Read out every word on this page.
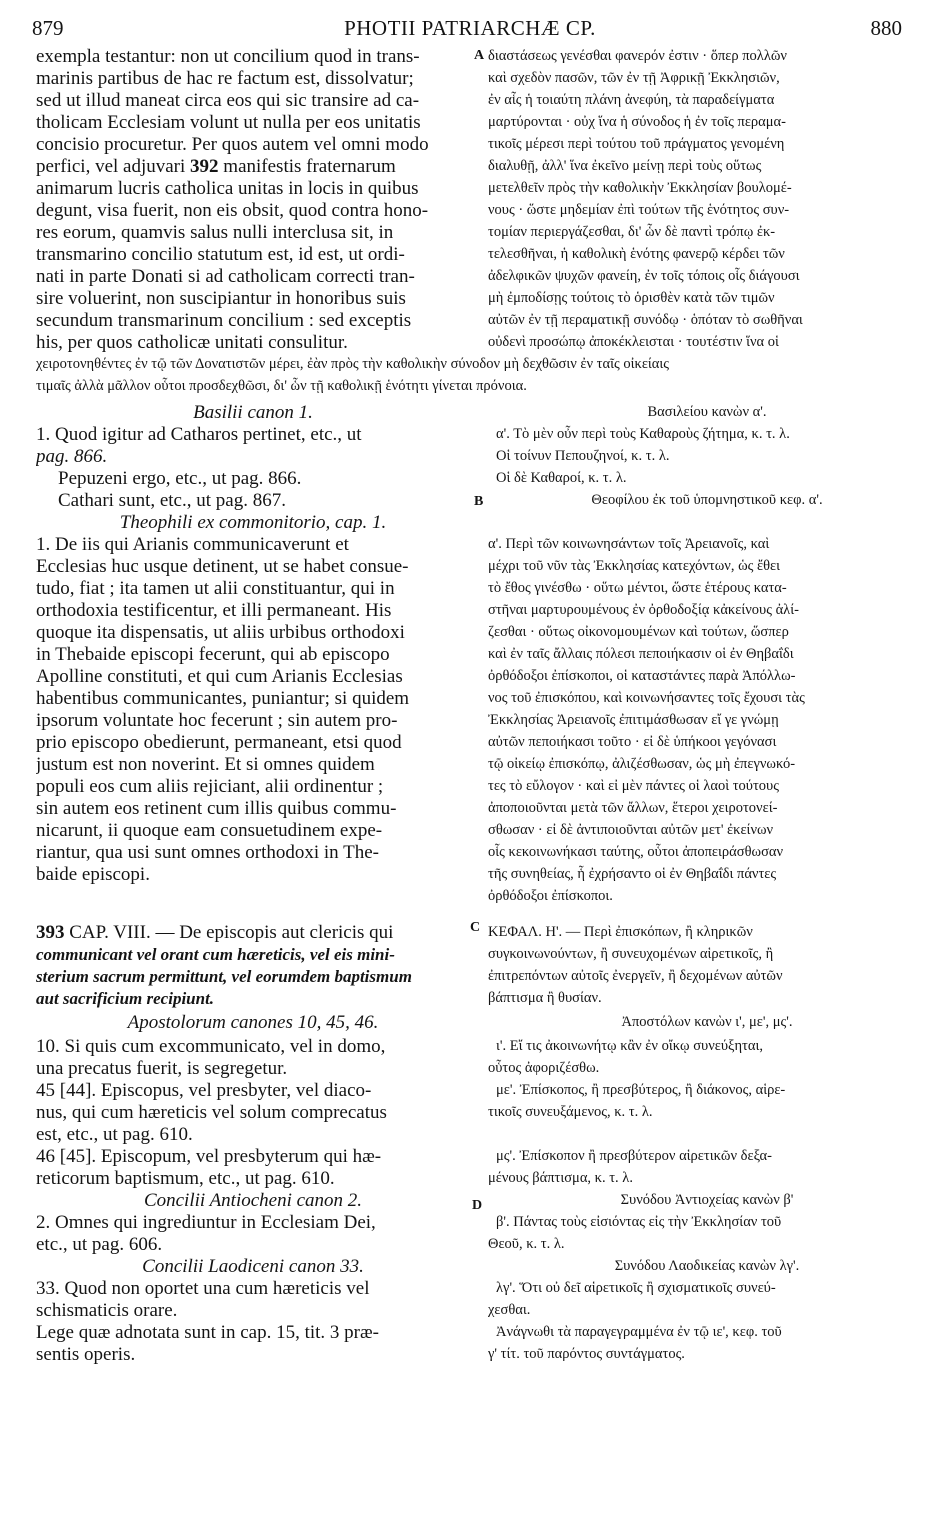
879	PHOTII PATRIARCHÆ CP.	880
exempla testantur: non ut concilium quod in trans-
marinis partibus de hac re factum est, dissolvatur;
sed ut illud maneat circa eos qui sic transire ad ca-
tholicam Ecclesiam volunt ut nulla per eos unitatis
concisio procuretur. Per quos autem vel omni modo
perfici, vel adjuvari 392 manifestis fraternarum
animarum lucris catholica unitas in locis in quibus
degunt, visa fuerit, non eis obsit, quod contra hono-
res eorum, quamvis salus nulli interclusa sit, in
transmarino concilio statutum est, id est, ut ordi-
nati in parte Donati si ad catholicam correcti tran-
sire voluerint, non suscipiantur in honoribus suis
secundum transmarinum concilium : sed exceptis
his, per quos catholicæ unitati consulitur.
A
B
C
D
διαστάσεως γενέσθαι φανερόν ἐστιν · ὅπερ πολλῶν
καὶ σχεδὸν πασῶν, τῶν ἐν τῇ Ἀφρικῇ Ἐκκλησιῶν,
ἐν αἷς ἡ τοιαύτη πλάνη ἀνεφύη, τὰ παραδείγματα
μαρτύρονται · οὐχ ἵνα ἡ σύνοδος ἡ ἐν τοῖς περαμα-
τικοῖς μέρεσι περὶ τούτου τοῦ πράγματος γενομένη
διαλυθῇ, ἀλλ' ἵνα ἐκεῖνο μείνῃ περὶ τοὺς οὕτως
μετελθεῖν πρὸς τὴν καθολικὴν Ἐκκλησίαν βουλομέ-
νους · ὥστε μηδεμίαν ἐπὶ τούτων τῆς ἑνότητος συν-
τομίαν περιεργάζεσθαι, δι' ὧν δὲ παντὶ τρόπῳ ἐκ-
τελεσθῆναι, ἡ καθολικὴ ἑνότης φανερῷ κέρδει τῶν
ἀδελφικῶν ψυχῶν φανείη, ἐν τοῖς τόποις οἷς διάγουσι
μὴ ἐμποδίσῃς τούτοις τὸ ὁρισθὲν κατὰ τῶν τιμῶν
αὐτῶν ἐν τῇ περαματικῇ συνόδῳ · ὁπόταν τὸ σωθῆναι
οὐδενὶ προσώπῳ ἀποκέκλεισται · τουτέστιν ἵνα οἱ
χειροτονηθέντες ἐν τῷ τῶν Δονατιστῶν μέρει, ἐὰν πρὸς τὴν καθολικὴν σύνοδον μὴ δεχθῶσιν ἐν ταῖς οἰκείαις
τιμαῖς ἀλλὰ μᾶλλον οὗτοι προσδεχθῶσι, δι' ὧν τῇ καθολικῇ ἑνότητι γίνεται πρόνοια.
Basilii canon 1.
1. Quod igitur ad Catharos pertinet, etc., ut
pag. 866.
Pepuzeni ergo, etc., ut pag. 866.
Cathari sunt, etc., ut pag. 867.
Theophili ex commonitorio, cap. 1.
1. De iis qui Arianis communicaverunt et
Ecclesias huc usque detinent, ut se habet consue-
tudo, fiat ; ita tamen ut alii constituantur, qui in
orthodoxia testificentur, et illi permaneant. His
quoque ita dispensatis, ut aliis urbibus orthodoxi
in Thebaide episcopi fecerunt, qui ab episcopo
Apolline constituti, et qui cum Arianis Ecclesias
habentibus communicantes, puniantur; si quidem
ipsorum voluntate hoc fecerunt ; sin autem pro-
prio episcopo obedierunt, permaneant, etsi quod
justum est non noverint. Et si omnes quidem
populi eos cum aliis rejiciant, alii ordinentur ;
sin autem eos retinent cum illis quibus commu-
nicarunt, ii quoque eam consuetudinem expe-
riantur, qua usi sunt omnes orthodoxi in The-
baide episcopi.
Βασιλείου κανὼν α'.
α'. Τὸ μὲν οὖν περὶ τοὺς Καθαροὺς ζήτημα, κ. τ. λ.
Οἱ τοίνυν Πεπουζηνοί, κ. τ. λ.
Οἱ δὲ Καθαροί, κ. τ. λ.
Θεοφίλου ἐκ τοῦ ὑπομνηστικοῦ κεφ. α'.
α'. Περὶ τῶν κοινωνησάντων τοῖς Ἀρειανοῖς, καὶ
μέχρι τοῦ νῦν τὰς Ἐκκλησίας κατεχόντων, ὡς ἔθει
τὸ ἔθος γινέσθω · οὕτω μέντοι, ὥστε ἑτέρους κατα-
στῆναι μαρτυρουμένους ἐν ὀρθοδοξίᾳ κἀκείνους ἀλί-
ζεσθαι · οὕτως οἰκονομουμένων καὶ τούτων, ὥσπερ
καὶ ἐν ταῖς ἄλλαις πόλεσι πεποιήκασιν οἱ ἐν Θηβαΐδι
ὀρθόδοξοι ἐπίσκοποι, οἱ καταστάντες παρὰ Ἀπόλλω-
νος τοῦ ἐπισκόπου, καὶ κοινωνήσαντες τοῖς ἔχουσι τὰς
Ἐκκλησίας Ἀρειανοῖς ἐπιτιμάσθωσαν εἴ γε γνώμῃ
αὐτῶν πεποιήκασι τοῦτο · εἰ δὲ ὑπήκοοι γεγόνασι
τῷ οἰκείῳ ἐπισκόπῳ, ἀλιζέσθωσαν, ὡς μὴ ἐπεγνωκό-
τες τὸ εὔλογον · καὶ εἰ μὲν πάντες οἱ λαοὶ τούτους
ἀποποιοῦνται μετὰ τῶν ἄλλων, ἕτεροι χειροτονεί-
σθωσαν · εἰ δὲ ἀντιποιοῦνται αὐτῶν μετ' ἐκείνων
οἷς κεκοινωνήκασι ταύτης, οὗτοι ἀποπειράσθωσαν
τῆς συνηθείας, ἧ ἐχρήσαντο οἱ ἐν Θηβαΐδι πάντες
ὀρθόδοξοι ἐπίσκοποι.
393 CAP. VIII. — De episcopis aut clericis qui
communicant vel orant cum hæreticis, vel eis mini-
sterium sacrum permittunt, vel eorumdem baptismum
aut sacrificium recipiunt.
Apostolorum canones 10, 45, 46.
10. Si quis cum excommunicato, vel in domo,
una precatus fuerit, is segregetur.
45 [44]. Episcopus, vel presbyter, vel diaco-
nus, qui cum hæreticis vel solum comprecatus
est, etc., ut pag. 610.
46 [45]. Episcopum, vel presbyterum qui hæ-
reticorum baptismum, etc., ut pag. 610.
Concilii Antiocheni canon 2.
2. Omnes qui ingrediuntur in Ecclesiam Dei,
etc., ut pag. 606.
Concilii Laodiceni canon 33.
33. Quod non oportet una cum hæreticis vel
schismaticis orare.
Lege quæ adnotata sunt in cap. 15, tit. 3 præ-
sentis operis.
ΚΕΦΑΛ. Η'. — Περὶ ἐπισκόπων, ἢ κληρικῶν
συγκοινωνούντων, ἢ συνευχομένων αἱρετικοῖς, ἢ
ἐπιτρεπόντων αὐτοῖς ἐνεργεῖν, ἢ δεχομένων αὐτῶν
βάπτισμα ἢ θυσίαν.
Ἀποστόλων κανὼν ι', με', μς'.
ι'. Εἴ τις ἀκοινωνήτῳ κἂν ἐν οἴκῳ συνεύξηται,
οὗτος ἀφοριζέσθω.
με'. Ἐπίσκοπος, ἢ πρεσβύτερος, ἢ διάκονος, αἱρε-
τικοῖς συνευξάμενος, κ. τ. λ.
μς'. Ἐπίσκοπον ἢ πρεσβύτερον αἱρετικῶν δεξα-
μένους βάπτισμα, κ. τ. λ.
Συνόδου Ἀντιοχείας κανὼν β'
β'. Πάντας τοὺς εἰσιόντας εἰς τὴν Ἐκκλησίαν τοῦ
Θεοῦ, κ. τ. λ.
Συνόδου Λαοδικείας κανὼν λγ'.
λγ'. Ὅτι οὐ δεῖ αἱρετικοῖς ἢ σχισματικοῖς συνεύ-
χεσθαι.
Ἀνάγνωθι τὰ παραγεγραμμένα ἐν τῷ ιε', κεφ. τοῦ
γ' τίτ. τοῦ παρόντος συντάγματος.
